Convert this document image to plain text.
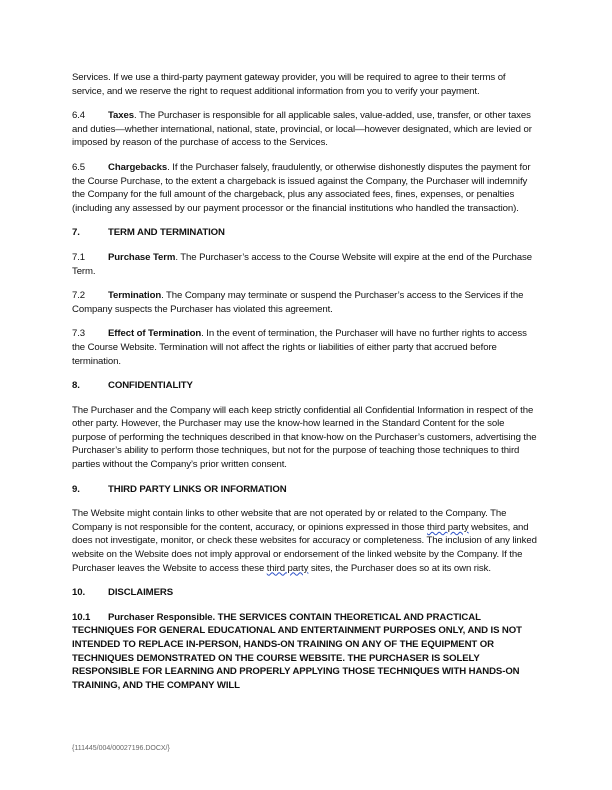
Services. If we use a third-party payment gateway provider, you will be required to agree to their terms of service, and we reserve the right to request additional information from you to verify your payment.

6.4 Taxes. The Purchaser is responsible for all applicable sales, value-added, use, transfer, or other taxes and duties—whether international, national, state, provincial, or local—however designated, which are levied or imposed by reason of the purchase of access to the Services.

6.5 Chargebacks. If the Purchaser falsely, fraudulently, or otherwise dishonestly disputes the payment for the Course Purchase, to the extent a chargeback is issued against the Company, the Purchaser will indemnify the Company for the full amount of the chargeback, plus any associated fees, fines, expenses, or penalties (including any assessed by our payment processor or the financial institutions who handled the transaction).

7.	TERM AND TERMINATION

7.1 Purchase Term. The Purchaser’s access to the Course Website will expire at the end of the Purchase Term.

7.2 Termination. The Company may terminate or suspend the Purchaser’s access to the Services if the Company suspects the Purchaser has violated this agreement.

7.3 Effect of Termination. In the event of termination, the Purchaser will have no further rights to access the Course Website. Termination will not affect the rights or liabilities of either party that accrued before termination.

8.	CONFIDENTIALITY

The Purchaser and the Company will each keep strictly confidential all Confidential Information in respect of the other party. However, the Purchaser may use the know-how learned in the Standard Content for the sole purpose of performing the techniques described in that know-how on the Purchaser’s customers, advertising the Purchaser’s ability to perform those techniques, but not for the purpose of teaching those techniques to third parties without the Company’s prior written consent.

9.	THIRD PARTY LINKS OR INFORMATION

The Website might contain links to other website that are not operated by or related to the Company. The Company is not responsible for the content, accuracy, or opinions expressed in those third party websites, and does not investigate, monitor, or check these websites for accuracy or completeness. The inclusion of any linked website on the Website does not imply approval or endorsement of the linked website by the Company. If the Purchaser leaves the Website to access these third party sites, the Purchaser does so at its own risk.

10. DISCLAIMERS

10.1 Purchaser Responsible. THE SERVICES CONTAIN THEORETICAL AND PRACTICAL TECHNIQUES FOR GENERAL EDUCATIONAL AND ENTERTAINMENT PURPOSES ONLY, AND IS NOT INTENDED TO REPLACE IN-PERSON, HANDS-ON TRAINING ON ANY OF THE EQUIPMENT OR TECHNIQUES DEMONSTRATED ON THE COURSE WEBSITE. THE PURCHASER IS SOLELY RESPONSIBLE FOR LEARNING AND PROPERLY APPLYING THOSE TECHNIQUES WITH HANDS-ON TRAINING, AND THE COMPANY WILL

{111445/004/00027196.DOCX/}
